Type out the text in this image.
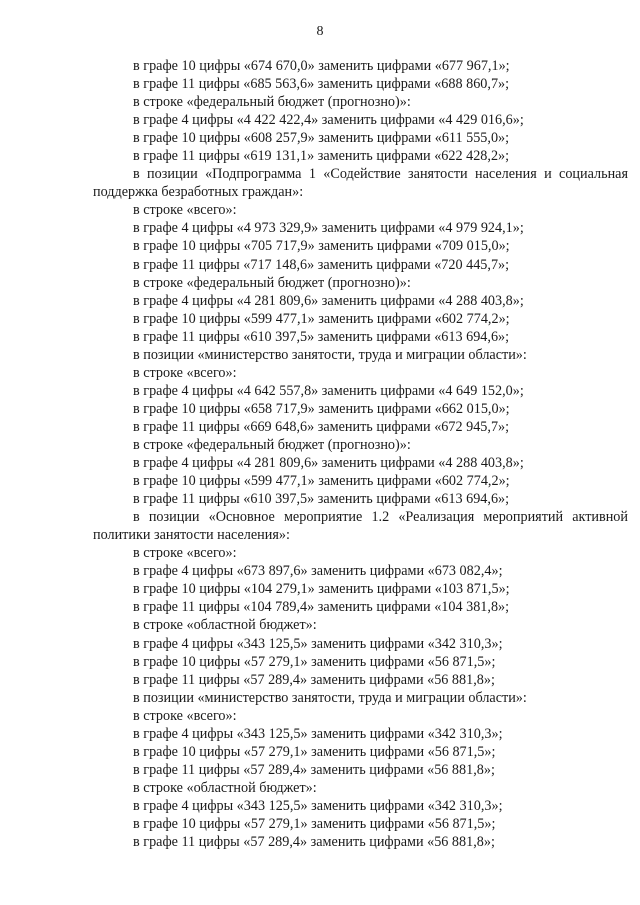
8
в графе 10 цифры «674 670,0» заменить цифрами «677 967,1»;
в графе 11 цифры «685 563,6» заменить цифрами «688 860,7»;
в строке «федеральный бюджет (прогнозно)»:
в графе 4 цифры «4 422 422,4» заменить цифрами «4 429 016,6»;
в графе 10 цифры «608 257,9» заменить цифрами «611 555,0»;
в графе 11 цифры «619 131,1» заменить цифрами «622 428,2»;
в позиции «Подпрограмма 1 «Содействие занятости населения и социальная
поддержка безработных граждан»:
в строке «всего»:
в графе 4 цифры «4 973 329,9» заменить цифрами «4 979 924,1»;
в графе 10 цифры «705 717,9» заменить цифрами «709 015,0»;
в графе 11 цифры «717 148,6» заменить цифрами «720 445,7»;
в строке «федеральный бюджет (прогнозно)»:
в графе 4 цифры «4 281 809,6» заменить цифрами «4 288 403,8»;
в графе 10 цифры «599 477,1» заменить цифрами «602 774,2»;
в графе 11 цифры «610 397,5» заменить цифрами «613 694,6»;
в позиции «министерство занятости, труда и миграции области»:
в строке «всего»:
в графе 4 цифры «4 642 557,8» заменить цифрами «4 649 152,0»;
в графе 10 цифры «658 717,9» заменить цифрами «662 015,0»;
в графе 11 цифры «669 648,6» заменить цифрами «672 945,7»;
в строке «федеральный бюджет (прогнозно)»:
в графе 4 цифры «4 281 809,6» заменить цифрами «4 288 403,8»;
в графе 10 цифры «599 477,1» заменить цифрами «602 774,2»;
в графе 11 цифры «610 397,5» заменить цифрами «613 694,6»;
в позиции «Основное мероприятие 1.2 «Реализация мероприятий активной
политики занятости населения»:
в строке «всего»:
в графе 4 цифры «673 897,6» заменить цифрами «673 082,4»;
в графе 10 цифры «104 279,1» заменить цифрами «103 871,5»;
в графе 11 цифры «104 789,4» заменить цифрами «104 381,8»;
в строке «областной бюджет»:
в графе 4 цифры «343 125,5» заменить цифрами «342 310,3»;
в графе 10 цифры «57 279,1» заменить цифрами «56 871,5»;
в графе 11 цифры «57 289,4» заменить цифрами «56 881,8»;
в позиции «министерство занятости, труда и миграции области»:
в строке «всего»:
в графе 4 цифры «343 125,5» заменить цифрами «342 310,3»;
в графе 10 цифры «57 279,1» заменить цифрами «56 871,5»;
в графе 11 цифры «57 289,4» заменить цифрами «56 881,8»;
в строке «областной бюджет»:
в графе 4 цифры «343 125,5» заменить цифрами «342 310,3»;
в графе 10 цифры «57 279,1» заменить цифрами «56 871,5»;
в графе 11 цифры «57 289,4» заменить цифрами «56 881,8»;
